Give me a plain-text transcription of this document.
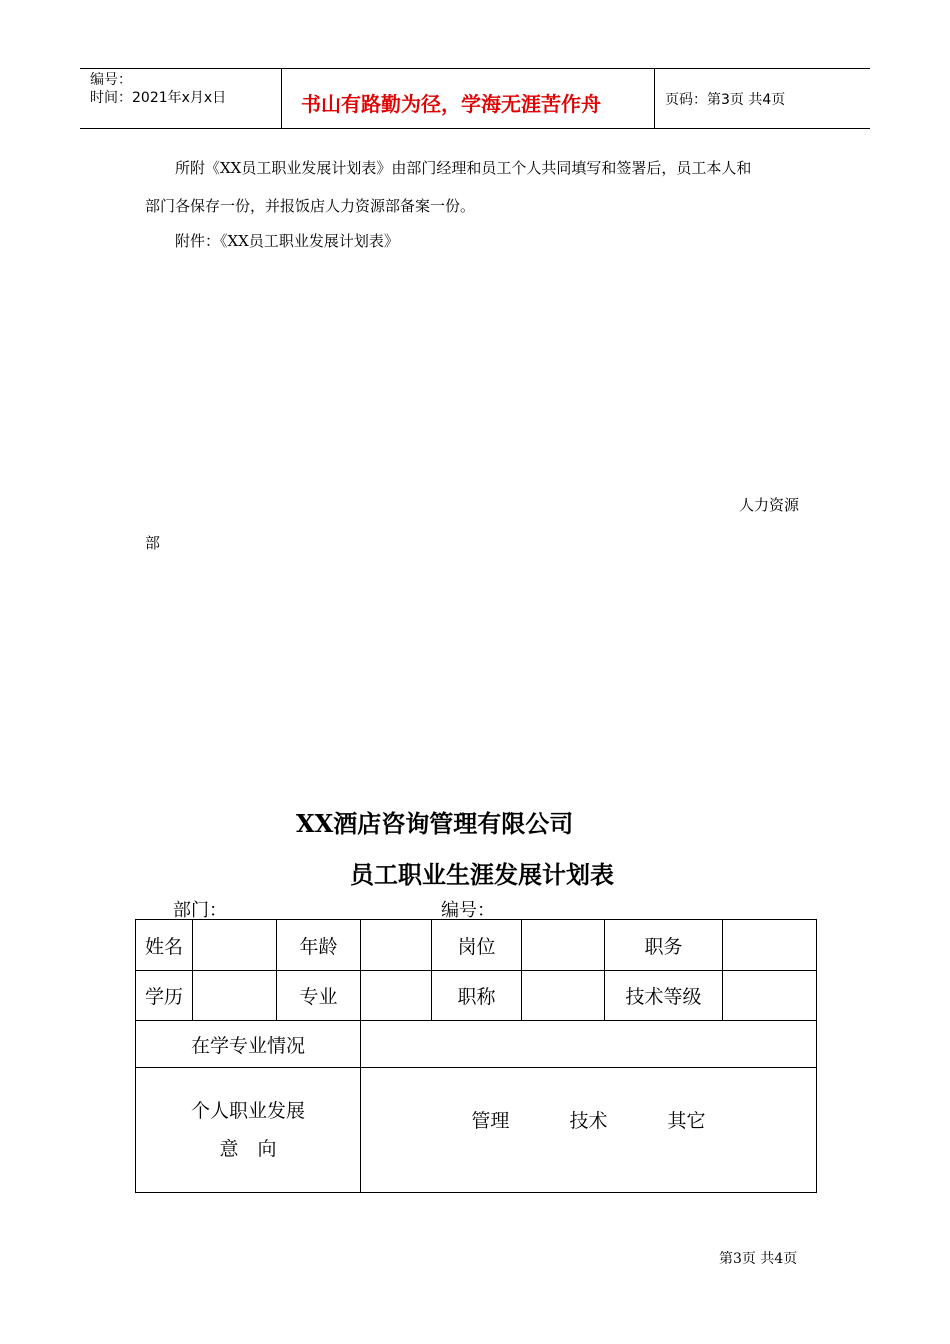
编号：
时间：2021年x月x日	书山有路勤为径，学海无涯苦作舟	页码：第3页 共4页
所附《XX员工职业发展计划表》由部门经理和员工个人共同填写和签署后，员工本人和
部门各保存一份，并报饭店人力资源部备案一份。
附件：《XX员工职业发展计划表》
人力资源
部
XX酒店咨询管理有限公司
员工职业生涯发展计划表
部门：	编号：
姓名		年龄		岗位		职务	
学历		专业		职称		技术等级	
在学专业情况							

个人职业发展
意　向			管理 技术 其它				
第3页 共4页
